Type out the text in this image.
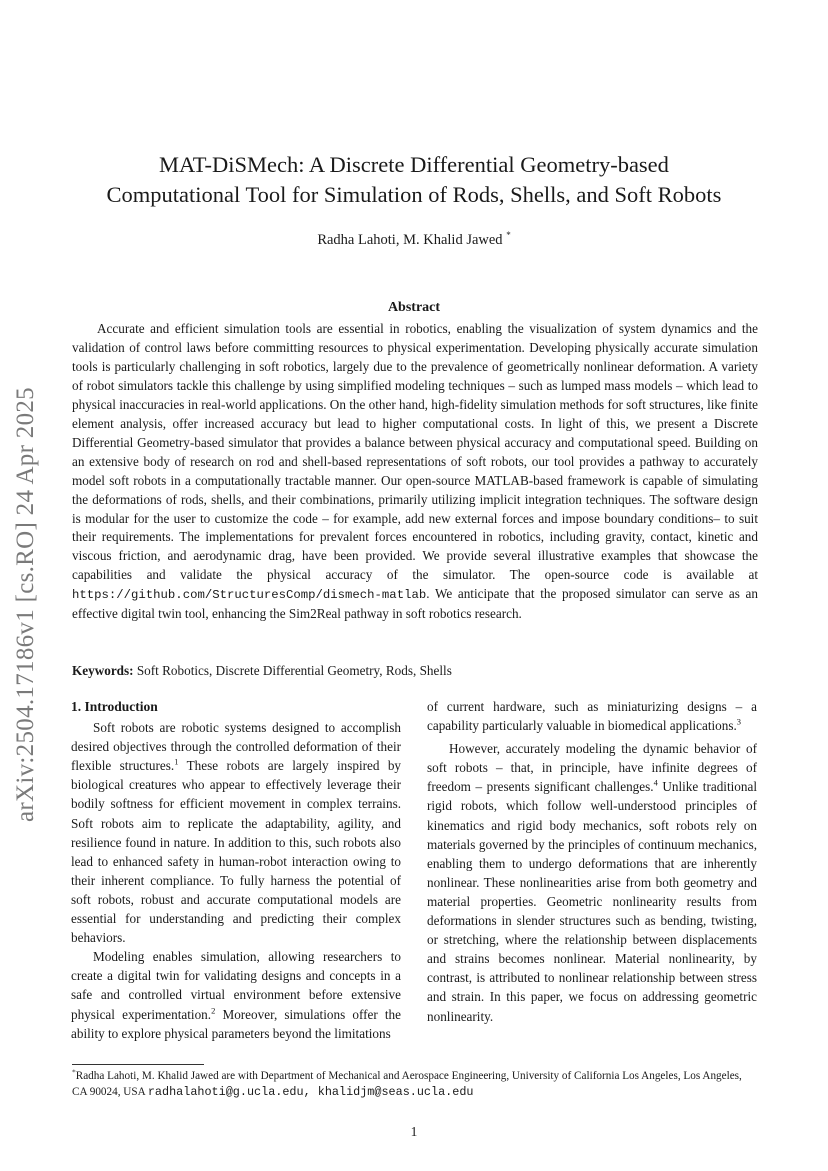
arXiv:2504.17186v1 [cs.RO] 24 Apr 2025
MAT-DiSMech: A Discrete Differential Geometry-based
Computational Tool for Simulation of Rods, Shells, and Soft Robots
Radha Lahoti, M. Khalid Jawed *
Abstract

Accurate and efficient simulation tools are essential in robotics, enabling the visualization of system dynamics and the validation of control laws before committing resources to physical experimentation. Developing physically accurate simulation tools is particularly challenging in soft robotics, largely due to the prevalence of geometrically nonlinear deformation. A variety of robot simulators tackle this challenge by using simplified modeling techniques – such as lumped mass models – which lead to physical inaccuracies in real-world applications. On the other hand, high-fidelity simulation methods for soft structures, like finite element analysis, offer increased accuracy but lead to higher computational costs. In light of this, we present a Discrete Differential Geometry-based simulator that provides a balance between physical accuracy and computational speed. Building on an extensive body of research on rod and shell-based representations of soft robots, our tool provides a pathway to accurately model soft robots in a computationally tractable manner. Our open-source MATLAB-based framework is capable of simulating the deformations of rods, shells, and their combinations, primarily utilizing implicit integration techniques. The software design is modular for the user to customize the code – for example, add new external forces and impose boundary conditions– to suit their requirements. The implementations for prevalent forces encountered in robotics, including gravity, contact, kinetic and viscous friction, and aerodynamic drag, have been provided. We provide several illustrative examples that showcase the capabilities and validate the physical accuracy of the simulator. The open-source code is available at https://github.com/StructuresComp/dismech-matlab. We anticipate that the proposed simulator can serve as an effective digital twin tool, enhancing the Sim2Real pathway in soft robotics research.

Keywords: Soft Robotics, Discrete Differential Geometry, Rods, Shells
1. Introduction

Soft robots are robotic systems designed to accomplish desired objectives through the controlled deformation of their flexible structures.$^1$ These robots are largely inspired by biological creatures who appear to effectively leverage their bodily softness for efficient movement in complex terrains. Soft robots aim to replicate the adaptability, agility, and resilience found in nature. In addition to this, such robots also lead to enhanced safety in human-robot interaction owing to their inherent compliance. To fully harness the potential of soft robots, robust and accurate computational models are essential for understanding and predicting their complex behaviors.

Modeling enables simulation, allowing researchers to create a digital twin for validating designs and concepts in a safe and controlled virtual environment before extensive physical experimentation.$^2$ Moreover, simulations offer the ability to explore physical parameters beyond the limitations

of current hardware, such as miniaturizing designs – a capability particularly valuable in biomedical applications.$^3$

However, accurately modeling the dynamic behavior of soft robots – that, in principle, have infinite degrees of freedom – presents significant challenges.$^4$ Unlike traditional rigid robots, which follow well-understood principles of kinematics and rigid body mechanics, soft robots rely on materials governed by the principles of continuum mechanics, enabling them to undergo deformations that are inherently nonlinear. These nonlinearities arise from both geometry and material properties. Geometric nonlinearity results from deformations in slender structures such as bending, twisting, or stretching, where the relationship between displacements and strains becomes nonlinear. Material nonlinearity, by contrast, is attributed to nonlinear relationship between stress and strain. In this paper, we focus on addressing geometric nonlinearity.

*Radha Lahoti, M. Khalid Jawed are with Department of Mechanical and Aerospace Engineering, University of California Los Angeles, Los Angeles, CA 90024, USA radhalahoti@g.ucla.edu, khalidjm@seas.ucla.edu
1
